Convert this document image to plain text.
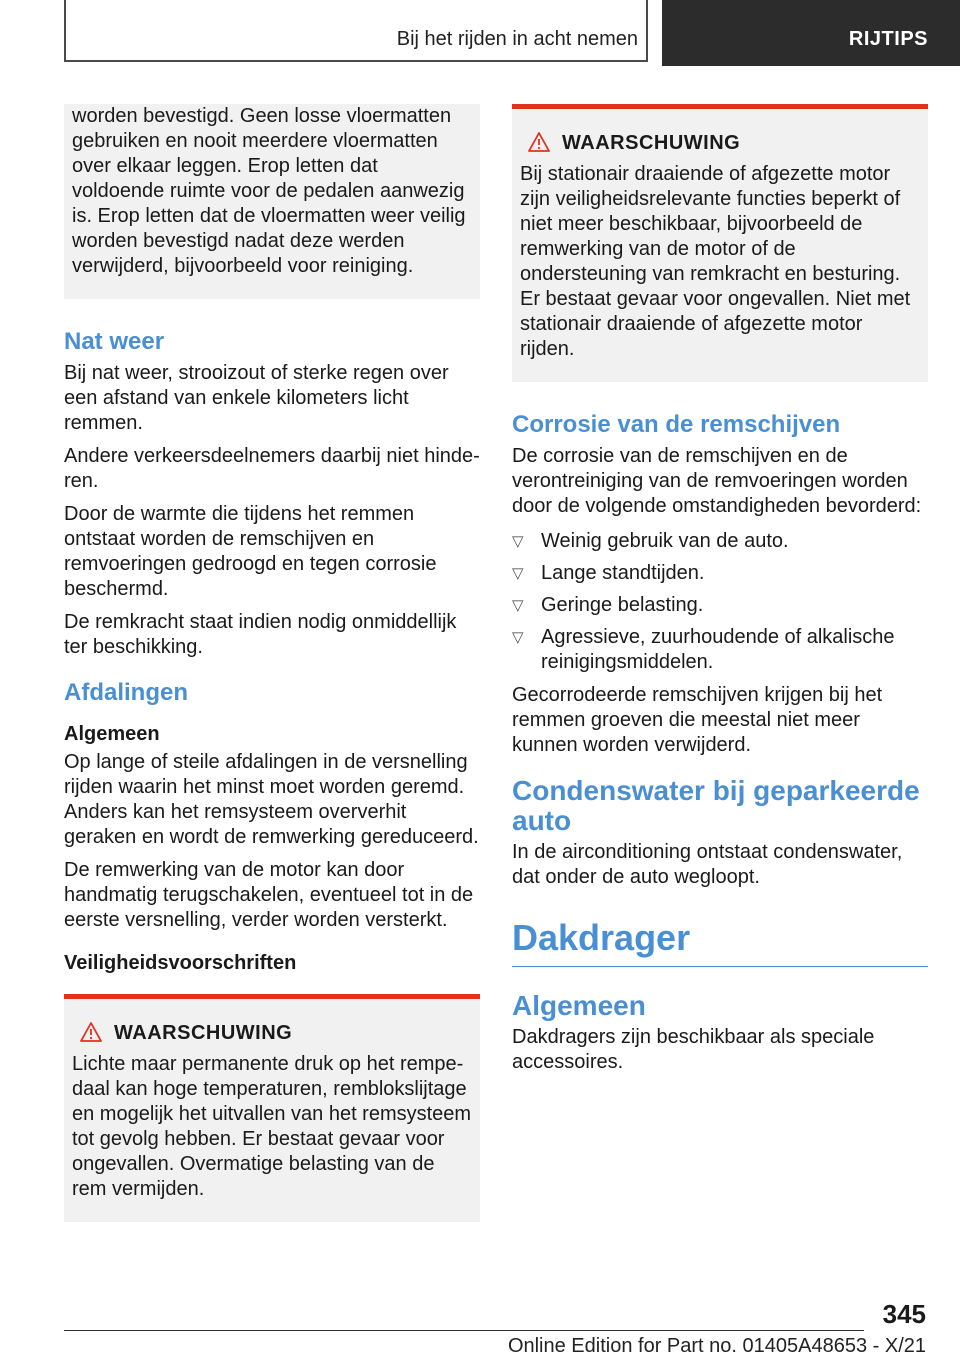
Bij het rijden in acht nemen	RIJTIPS

worden bevestigd. Geen losse vloermatten gebruiken en nooit meerdere vloermatten over elkaar leggen. Erop letten dat voldoende ruimte voor de pedalen aanwezig is. Erop letten dat de vloermatten weer veilig worden bevestigd nadat deze werden verwijderd, bijvoorbeeld voor reiniging.

Nat weer

Bij nat weer, strooizout of sterke regen over een afstand van enkele kilometers licht remmen.

Andere verkeersdeelnemers daarbij niet hinderen.

Door de warmte die tijdens het remmen ontstaat worden de remschijven en remvoeringen gedroogd en tegen corrosie beschermd.

De remkracht staat indien nodig onmiddellijk ter beschikking.

Afdalingen
Algemeen

Op lange of steile afdalingen in de versnelling rijden waarin het minst moet worden geremd. Anders kan het remsysteem oververhit geraken en wordt de remwerking gereduceerd.

De remwerking van de motor kan door handmatig terugschakelen, eventueel tot in de eerste versnelling, verder worden versterkt.

Veiligheidsvoorschriften
WAARSCHUWING

Lichte maar permanente druk op het rempedaal kan hoge temperaturen, remblokslijtage en mogelijk het uitvallen van het remsysteem tot gevolg hebben. Er bestaat gevaar voor ongevallen. Overmatige belasting van de rem vermijden.

WAARSCHUWING

Bij stationair draaiende of afgezette motor zijn veiligheidsrelevante functies beperkt of niet meer beschikbaar, bijvoorbeeld de remwerking van de motor of de ondersteuning van remkracht en besturing. Er bestaat gevaar voor ongevallen. Niet met stationair draaiende of afgezette motor rijden.

Corrosie van de remschijven

De corrosie van de remschijven en de verontreiniging van de remvoeringen worden door de volgende omstandigheden bevorderd:

▽ Weinig gebruik van de auto.
▽ Lange standtijden.
▽ Geringe belasting.
▽ Agressieve, zuurhoudende of alkalische reinigingsmiddelen.

Gecorrodeerde remschijven krijgen bij het remmen groeven die meestal niet meer kunnen worden verwijderd.

Condenswater bij geparkeerde auto

In de airconditioning ontstaat condenswater, dat onder de auto wegloopt.

Dakdrager
Algemeen

Dakdragers zijn beschikbaar als speciale accessoires.

345
Online Edition for Part no. 01405A48653 - X/21
